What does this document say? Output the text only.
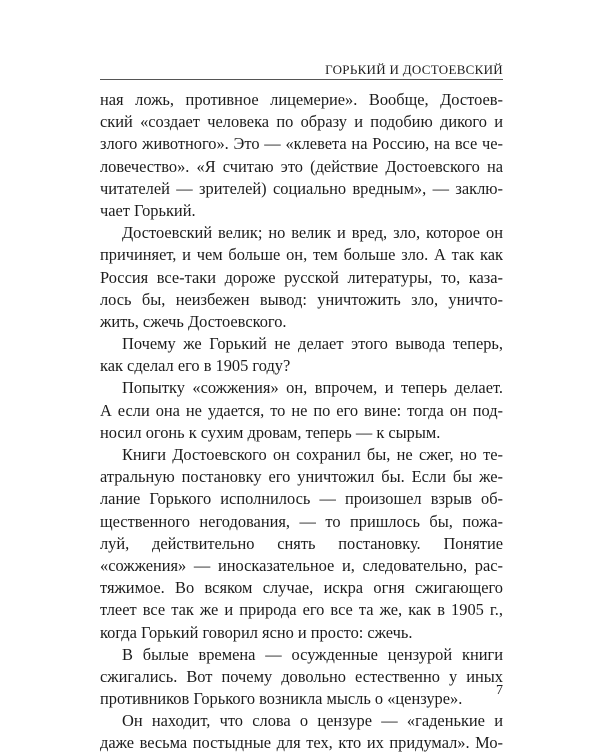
ГОРЬКИЙ И ДОСТОЕВСКИЙ
ная ложь, противное лицемерие». Вообще, Достоев-
ский «создает человека по образу и подобию дикого и
злого животного». Это — «клевета на Россию, на все че-
ловечество». «Я считаю это (действие Достоевского на
читателей — зрителей) социально вредным», — заклю-
чает Горький.
Достоевский велик; но велик и вред, зло, которое он
причиняет, и чем больше он, тем больше зло. А так как
Россия все-таки дороже русской литературы, то, каза-
лось бы, неизбежен вывод: уничтожить зло, уничто-
жить, сжечь Достоевского.
Почему же Горький не делает этого вывода теперь,
как сделал его в 1905 году?
Попытку «сожжения» он, впрочем, и теперь делает.
А если она не удается, то не по его вине: тогда он под-
носил огонь к сухим дровам, теперь — к сырым.
Книги Достоевского он сохранил бы, не сжег, но те-
атральную постановку его уничтожил бы. Если бы же-
лание Горького исполнилось — произошел взрыв об-
щественного негодования, — то пришлось бы, пожа-
луй, действительно снять постановку. Понятие
«сожжения» — иносказательное и, следовательно, рас-
тяжимое. Во всяком случае, искра огня сжигающего
тлеет все так же и природа его все та же, как в 1905 г.,
когда Горький говорил ясно и просто: сжечь.
В былые времена — осужденные цензурой книги
сжигались. Вот почему довольно естественно у иных
противников Горького возникла мысль о «цензуре».
Он находит, что слова о цензуре — «гаденькие и
даже весьма постыдные для тех, кто их придумал». Мо-
7
